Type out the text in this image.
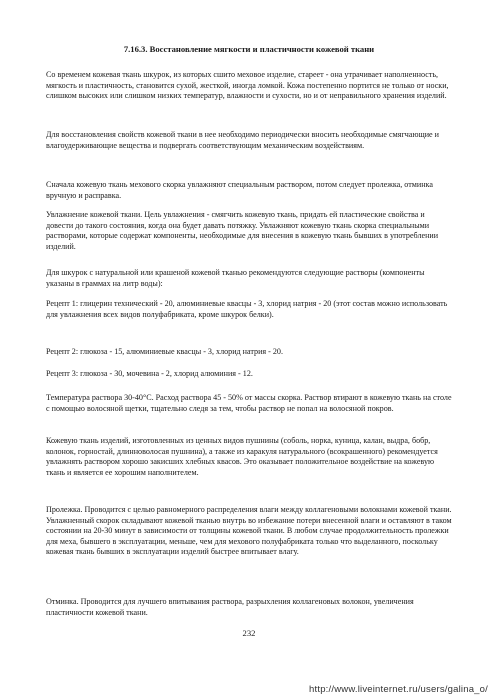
7.16.3. Восстановление мягкости и пластичности кожевой ткани

Со временем кожевая ткань шкурок, из которых сшито меховое изделие, стареет - она утрачивает наполненность, мягкость и пластичность, становится сухой, жесткой, иногда ломкой. Кожа постепенно портится не только от носки, слишком высоких или слишком низких температур, влажности и сухости, но и от неправильного хранения изделий.

Для восстановления свойств кожевой ткани в нее необходимо периодически вносить необходимые смягчающие и влагоудерживающие вещества и подвергать соответствующим механическим воздействиям.

Сначала кожевую ткань мехового скорка увлажняют специальным раствором, потом следует пролежка, отминка вручную и расправка.

Увлажнение кожевой ткани. Цель увлажнения - смягчить кожевую ткань, придать ей пластические свойства и довести до такого состояния, когда она будет давать потяжку. Увлажняют кожевую ткань скорка специальными растворами, которые содержат компоненты, необходимые для внесения в кожевую ткань бывших в употреблении изделий.

Для шкурок с натуральной или крашеной кожевой тканью рекомендуются следующие растворы (компоненты указаны в граммах на литр воды):

Рецепт 1: глицерин технический - 20, алюминиевые квасцы - 3, хлорид натрия - 20 (этот состав можно использовать для увлажнения всех видов полуфабриката, кроме шкурок белки).

Рецепт 2: глюкоза - 15, алюминиевые квасцы - 3, хлорид натрия - 20.

Рецепт 3: глюкоза - 30, мочевина - 2, хлорид алюминия - 12.

Температура раствора 30-40°С. Расход раствора 45 - 50% от массы скорка. Раствор втирают в кожевую ткань на столе с помощью волосяной щетки, тщательно следя за тем, чтобы раствор не попал на волосяной покров.

Кожевую ткань изделий, изготовленных из ценных видов пушнины (соболь, норка, куница, калан, выдра, бобр, колонок, горностай, длинноволосая пушнина), а также из каракуля натурального (всокрашенного) рекомендуется увлажнять раствором хорошо закисших хлебных квасов. Это оказывает положительное воздействие на кожевую ткань и является ее хорошим наполнителем.

Пролежка. Проводится с целью равномерного распределения влаги между коллагеновыми волокнами кожевой ткани. Увлажненный скорок складывают кожевой тканью внутрь во избежание потери внесенной влаги и оставляют в таком состоянии на 20-30 минут в зависимости от толщины кожевой ткани. В любом случае продолжительность пролежки для меха, бывшего в эксплуатации, меньше, чем для мехового полуфабриката только что выделанного, поскольку кожевая ткань бывших в эксплуатации изделий быстрее впитывает влагу.

Отминка. Проводится для лучшего впитывания раствора, разрыхления коллагеновых волокон, увеличения пластичности кожевой ткани.

232
http://www.liveinternet.ru/users/galina_o/
